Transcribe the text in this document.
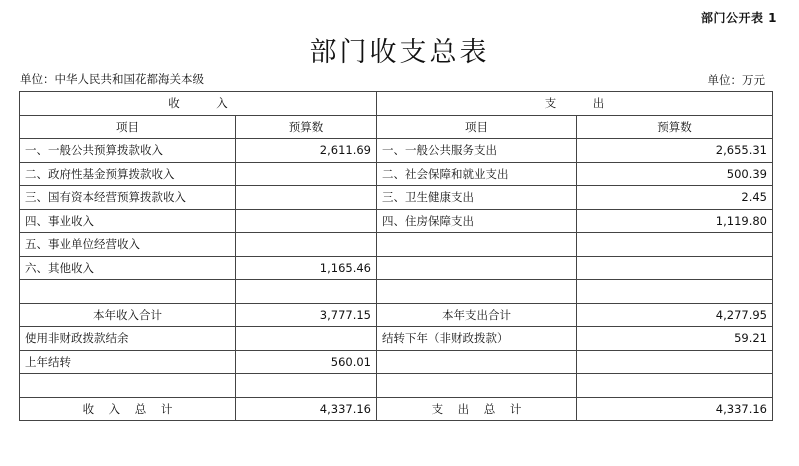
部门公开表 1
部门收支总表
单位：中华人民共和国花都海关本级	单位：万元
收          入		支          出	
项目	预算数	项目	预算数
一、一般公共预算拨款收入	2,611.69	一、一般公共服务支出	2,655.31
二、政府性基金预算拨款收入		二、社会保障和就业支出	500.39
三、国有资本经营预算拨款收入		三、卫生健康支出	2.45
四、事业收入		四、住房保障支出	1,119.80
五、事业单位经营收入			
六、其他收入	1,165.46		

本年收入合计	3,777.15	本年支出合计	4,277.95
使用非财政拨款结余		结转下年（非财政拨款）	59.21
上年结转	560.01		

收    入    总    计	4,337.16	支    出    总    计	4,337.16
